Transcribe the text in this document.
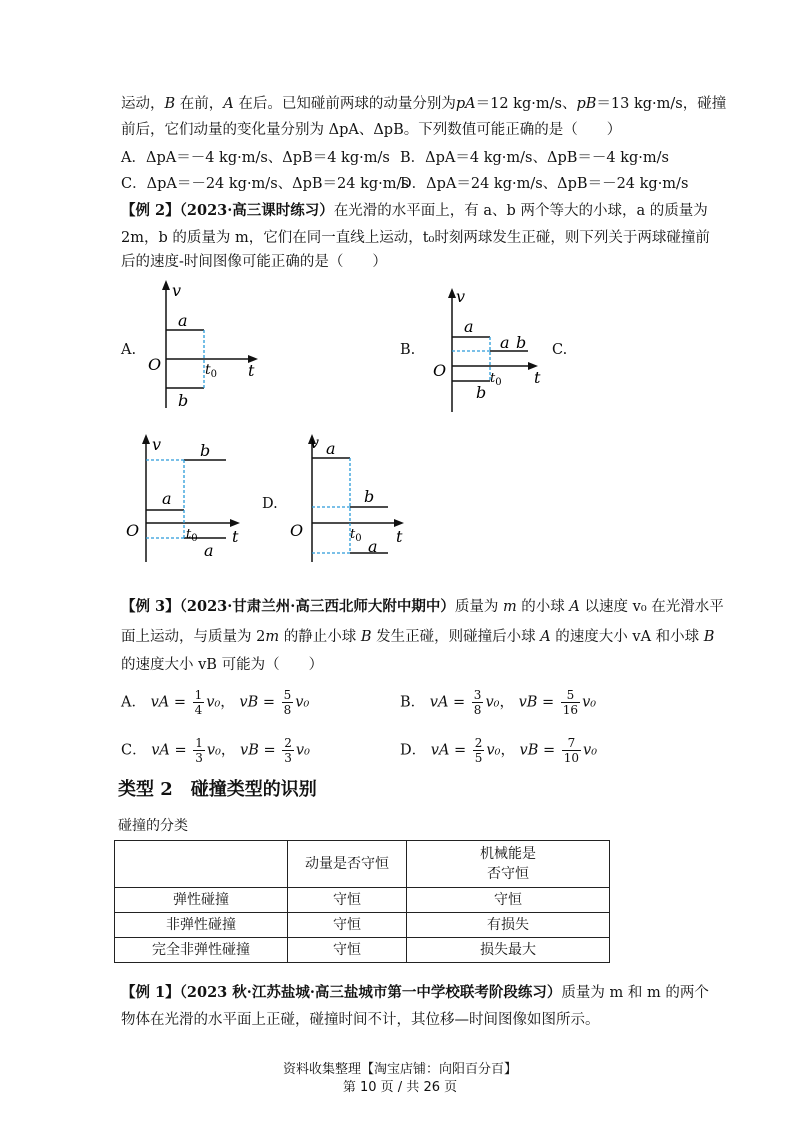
运动，B 在前，A 在后。已知碰前两球的动量分别为pA＝12 kg·m/s、pB＝13 kg·m/s，碰撞
前后，它们动量的变化量分别为 ΔpA、ΔpB。下列数值可能正确的是（　　）
A．ΔpA＝－4 kg·m/s、ΔpB＝4 kg·m/s B．ΔpA＝4 kg·m/s、ΔpB＝－4 kg·m/s
C．ΔpA＝－24 kg·m/s、ΔpB＝24 kg·m/s
D．ΔpA＝24 kg·m/s、ΔpB＝－24 kg·m/s
【例 2】（2023·高三课时练习）在光滑的水平面上，有 a、b 两个等大的小球，a 的质量为
2m，b 的质量为 m，它们在同一直线上运动，t₀时刻两球发生正碰，则下列关于两球碰撞前
后的速度-时间图像可能正确的是（　　）
A.
v
a
b
O	$t_0$ t
B.
v
a
a b
b
O	$t_0$ t
C.
v b
a
a
O	$t_0$ t
D.
v a
b
a
O	$t_0$ t
【例 3】（2023·甘肃兰州·高三西北师大附中期中）质量为 m 的小球 A 以速度 v₀ 在光滑水平
面上运动，与质量为 2m 的静止小球 B 发生正碰，则碰撞后小球 A 的速度大小 vA 和小球 B
的速度大小 vB 可能为（　　）
A． vA = $\frac{1}{4} v_0$， vB = $\frac{5}{8} v_0$	B． vA = $\frac{3}{8} v_0$， vB = $\frac{5}{16} v_0$
C． vA = $\frac{1}{3} v_0$， vB = $\frac{2}{3} v_0$	D． vA = $\frac{2}{5} v_0$， vB = $\frac{7}{10} v_0$
类型 2　碰撞类型的识别
碰撞的分类
	动量是否守恒	机械能是
否守恒

弹性碰撞	守恒	守恒
非弹性碰撞	守恒	有损失
完全非弹性碰撞	守恒	损失最大
【例 1】（2023 秋·江苏盐城·高三盐城市第一中学校联考阶段练习）质量为 m 和 m 的两个
物体在光滑的水平面上正碰，碰撞时间不计，其位移—时间图像如图所示。
资料收集整理【淘宝店铺：向阳百分百】
第 10 页 / 共 26 页
